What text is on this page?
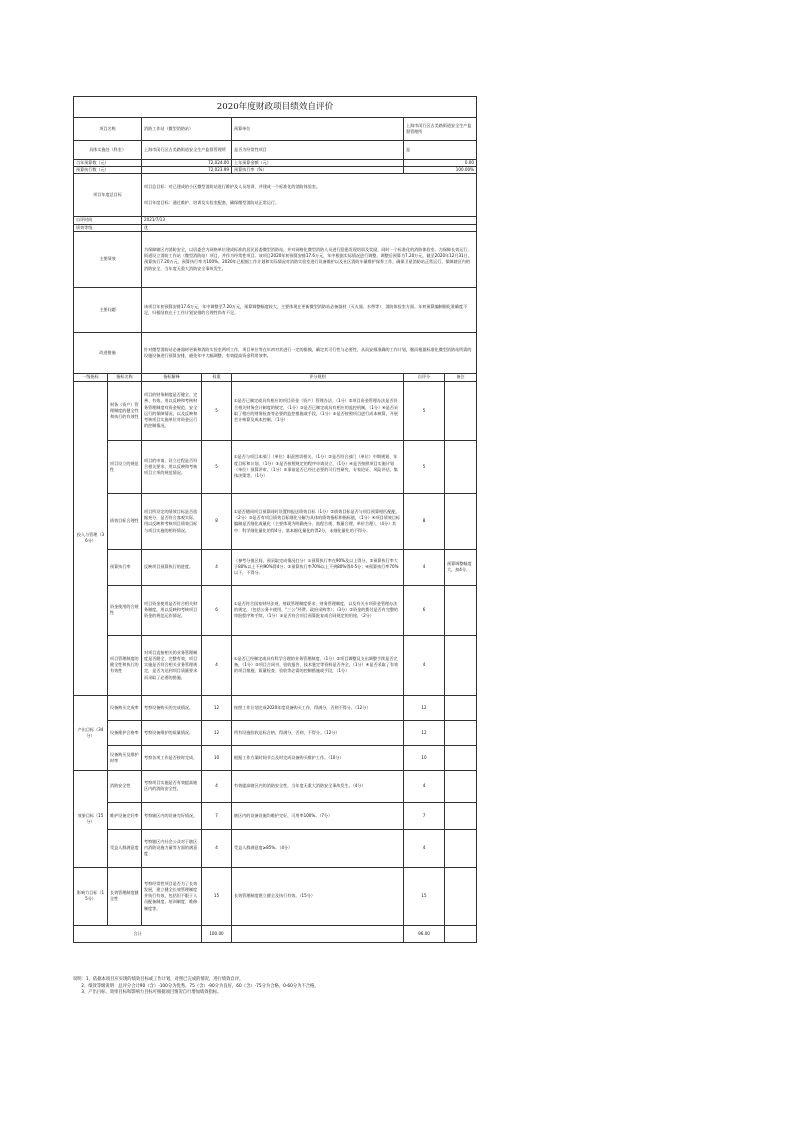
2020年度财政项目绩效自评价						
项目名称		消防工作站（微型消防站）		预算单位	上海市闵行区古美路街道安全生产监督管理所	
具体实施处（科室）		上海市闵行区古美路街道安全生产监督管理所		是否为经常性项目	是	
当年预算数（元）		72,024.00		上年预算金额（元）	0.00	
预算执行数（元）		72,023.99		预算执行率（%）	100.00%	
项目年度总目标		项目总目标：对已建成的小区微型消防站进行维护及人员培训，并建成一个标准化的消防体验室。
项目年度目标：通过维护、培训及实验室配套，确保微型消防站正常运行。				

自评时间		2021/7/13				
绩效等级		优				
主要绩效		为保障辖区内消防安全，以居委会为网格单位建成标准的居民居委微型消防站，并对网格化微型消防人员进行隐患发现培训及奖励，同时一个标准化的消防体验室。为保障长效运行，街道设立消防工作站（微型消防站）项目，并作为经常性项目。该项目2020年初预算安排17.6万元，年中根据实际情况进行调整，调整后预算为7.20万元，截至2020年12月31日，预算执行7.20万元，预算执行率为100%。2020年已根据工作计划和实际情况对消防实验室进行设备维护以及社区消防车量维护保养工作，确保卫星消防站正常运行，保障辖区内的消防安全，当年度无重大消防安全事故发生。				
主要问题		该项目年初预算安排17.6万元，年中调整至7.20万元，预算调整幅度较大，主要体现在更新微型消防站必备器材（灭火器、水带等）、消防体验室方面。年初预算编制细化准确度不足，归根结底在于工作计划安排的合理性尚有不足。				
改进措施		针对微型消防站必备器材更新和消防实验室两项工作，项目单位等在年初对其进行一定的排摸，确定其可行性与必要性，从而安排准确的工作计划，继而根据标准化微型消防站所需的设施设备进行预算安排，避免年中大幅调整，有效提高资金利用效率。				
一级指标	指标名称	指标解释	权重	评分规则	自评分	备注
投入与管理（36分）	财务（资产）管理制度的健全性和执行的有效性	项目的财务制度是否健全、完善、有效，用以反映和考核财务管理制度对资金规范、安全运行的保障情况，以及反映和考核项目实施单位对资金运行的控制情况。	5	①是否已制定或具有相应的项目资金（资产）管理办法，（1分）②项目资金管理办法是否符合相关财务会计制度的规定，（1分）③是否已制定或具有相应的监控机制，（1分）④是否采取了相应的财务检查等必要的监控措施或手段，（1分）⑤是否按照项目进行成本核算，开展会计核算及成本控制。（1分）	5	
	项目设立的规范性	项目的申请、设立过程是否符合相关要求，用以反映和考核项目立项的规范情况。	5	①是否与项目本部门（单位）职责密切相关，（1分）②是否符合部门（单位）中期规划、年度目标和计划，（1分）③是否按照规定的程序申请设立，（1分）④是否按照项目实施计划（单位）预算评审，（1分）⑤事前是否已经过必要的可行性研究、专家论证、风险评估、集体决策等。（1分）	5	
	绩效目标合理性	项目所设定的绩效目标是否依据充分，是否符合客观实际，用以反映和考核项目绩效目标与项目实施的相符情况。	8	①是否随同项目预算同时设置和报送绩效目标（1分）②绩效目标是否与项目预算相匹配配，（2分）③是否有项目绩效目标细化分解为具体的绩效指标和指标值，（1分）④项目绩效目标编制是否细化或量化（主要体现为明确充分、流程合规、数量合理，单价合理），（4分）其中：科学细化量化的得4分，基本细化量化的得2分，未细化量化的不得分。	8	
	预算执行率	反映项目预算执行的进度。	4	（参考分值区间，预采取完成情况打分）①预算执行率在90%及以上得分，②预算执行率大于80%以上不到90%得4分；③预算执行率70%以上不到80%得4-5分；④预算执行率70%以下，不得分。	4	预算调整幅度大，扣4分。
	资金使用的合规性	项目资金使用是否符合相关财务制度，用以反映和考核项目资金的规范运作情况。	6	①是否符合国家财经法规、财政管理制度要求、财务管理制度，以及有关专项资金管理办法的规定，（包括公务卡使用、“三公”经费、政府采购等）；（3分）②资金的拨付是否有完整的审批程序和手续，（1分）③是否符合项目预算批复或合同规定的用途，（2分）	6	
	项目管理制度的健全性和执行的有效性	对项目直接相关的业务管理制度是否健全，完整有效，项目实施是否符合相关业务管理规定，是否为达到项目质量要求而采取了必要的措施。	4	①是否已经制定或具有科学合理的业务管理制度，（1分）②项目调整及支出调整手续是否完备，（1分）③项目合同书、验收报告、技术鉴定等资料是否齐全，（1分）④是否采取了有效的项目措施，质量检查、验收等必需的控制措施或手段，（1分）	4	
产出目标（34分）	设备购买完成率	考察设备购买的完成情况。	12	按照工作计划完成2020年度设备购买工作，得满分，否则不得分。（12分）	12	
	设备维护合格率	考察设备维护的质量情况。	12	所有设施验收达标合格，得满分，否则，不得分。（12分）	12	
	设备购买及维护时率	考察各项工作是否按时完成。	10	根据工作方案时间节点及时完成设备购买维护工作。（10分）	10	
效果目标（15分）	消防安全性	考察项目实施是否有效提高辖区内的消防安全性。	4	有效提高辖区内的消防安全性，当年度无重大消防安全事故发生。（4分）	4	
	维护设备完好率	考察辖区内的设备完好情况。	7	辖区内的设备设施均维护完好，可用率100%。（7分）	7	
	受益人群满意度	考察辖区内社会公众对于辖区内消防设施力量等方面的满意度	4	受益人群满意度≥85%。（4分）	4	
影响力目标（15分）	长效管理制度健全性	考察经常性项目是否为了长效发展，建立健全长效管理制度并执行有效，包括但不限于人员配备制度、培训制度、维修制度等。	15	长效管理制度建立健全及执行有效。（15分）	15	
合计			100.00		96.00	
说明：1、依据本项目应实现的绩效目标或工作计划，对照已完成的情况，进行绩效自评。
2、绩效等级说明：总评分合计90（含）-100分为优秀，75（含）-90分为良好，60（含）-75分为合格，0-60分为不合格。
3、产出目标、效果目标和影响力目标可根据项目情况自行增加绩效指标。
